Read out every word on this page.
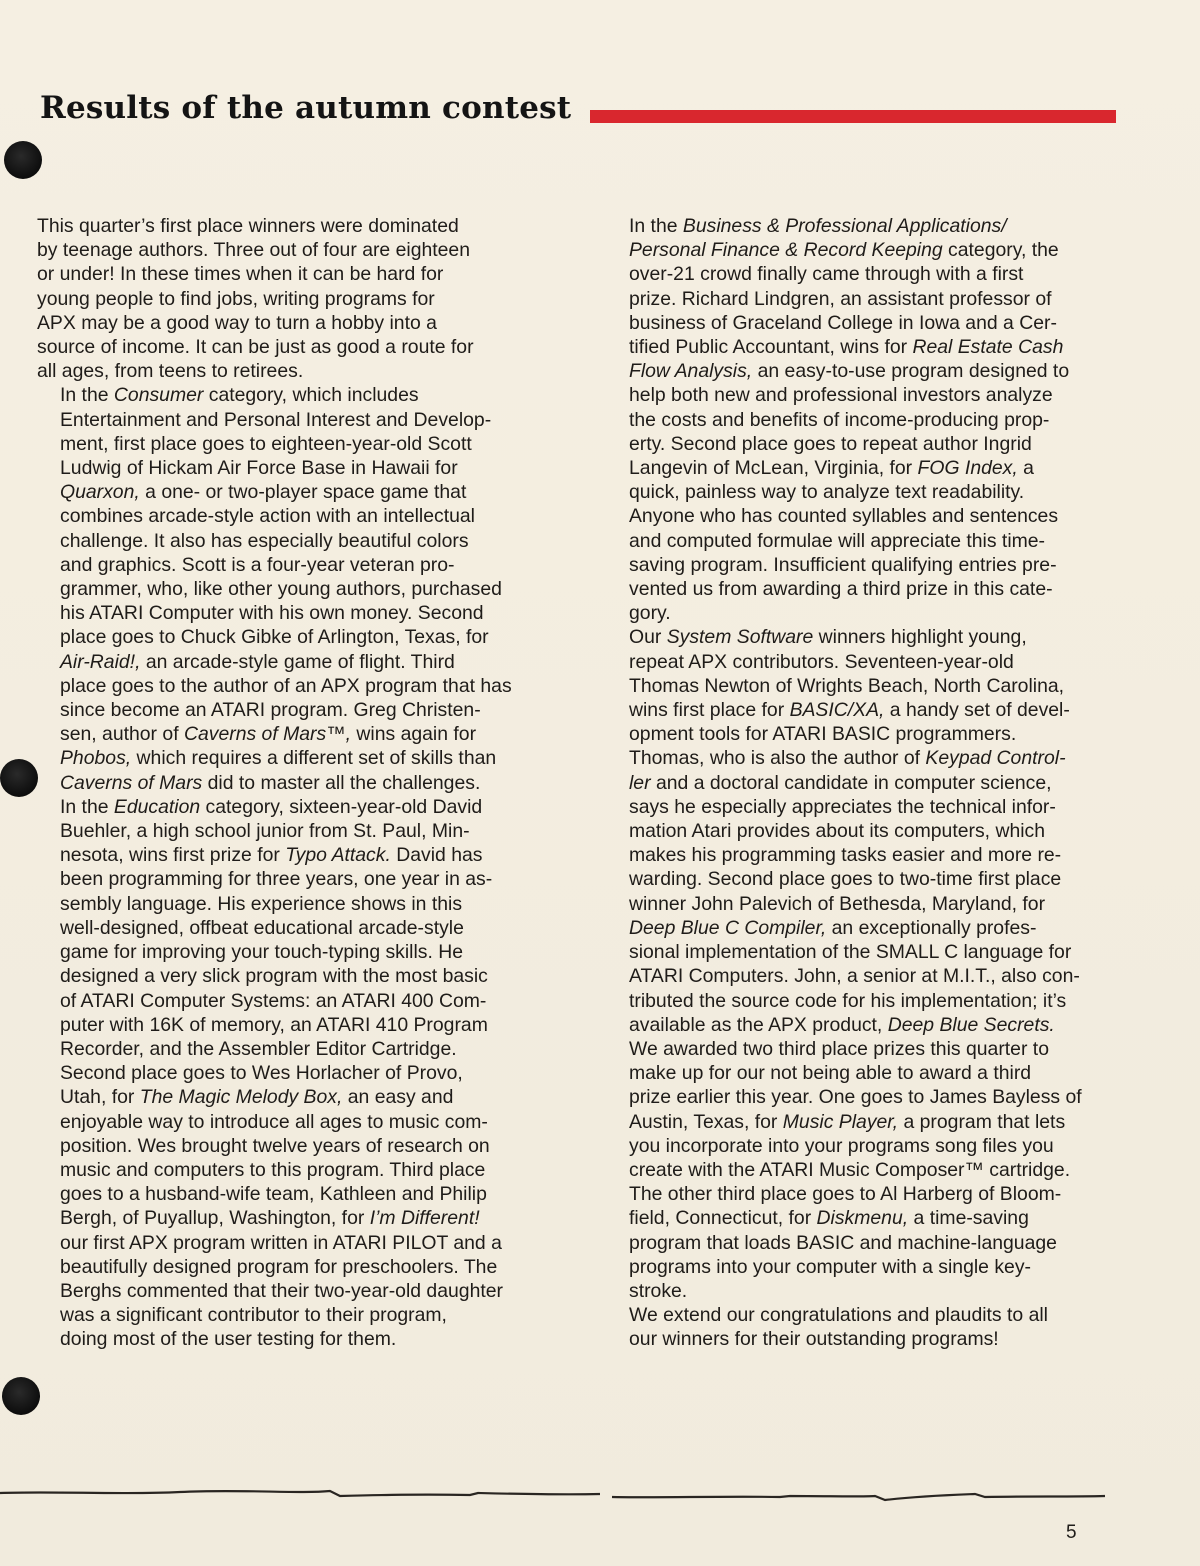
Results of the autumn contest

This quarter’s first place winners were dominated
by teenage authors. Three out of four are eighteen
or under! In these times when it can be hard for
young people to find jobs, writing programs for
APX may be a good way to turn a hobby into a
source of income. It can be just as good a route for
all ages, from teens to retirees.

In the Consumer category, which includes
Entertainment and Personal Interest and Develop-
ment, first place goes to eighteen-year-old Scott
Ludwig of Hickam Air Force Base in Hawaii for
Quarxon, a one- or two-player space game that
combines arcade-style action with an intellectual
challenge. It also has especially beautiful colors
and graphics. Scott is a four-year veteran pro-
grammer, who, like other young authors, purchased
his ATARI Computer with his own money. Second
place goes to Chuck Gibke of Arlington, Texas, for
Air-Raid!, an arcade-style game of flight. Third
place goes to the author of an APX program that has
since become an ATARI program. Greg Christen-
sen, author of Caverns of Mars™, wins again for
Phobos, which requires a different set of skills than
Caverns of Mars did to master all the challenges.

In the Education category, sixteen-year-old David
Buehler, a high school junior from St. Paul, Min-
nesota, wins first prize for Typo Attack. David has
been programming for three years, one year in as-
sembly language. His experience shows in this
well-designed, offbeat educational arcade-style
game for improving your touch-typing skills. He
designed a very slick program with the most basic
of ATARI Computer Systems: an ATARI 400 Com-
puter with 16K of memory, an ATARI 410 Program
Recorder, and the Assembler Editor Cartridge.
Second place goes to Wes Horlacher of Provo,
Utah, for The Magic Melody Box, an easy and
enjoyable way to introduce all ages to music com-
position. Wes brought twelve years of research on
music and computers to this program. Third place
goes to a husband-wife team, Kathleen and Philip
Bergh, of Puyallup, Washington, for I’m Different!
our first APX program written in ATARI PILOT and a
beautifully designed program for preschoolers. The
Berghs commented that their two-year-old daughter
was a significant contributor to their program,
doing most of the user testing for them.

In the Business & Professional Applications/
Personal Finance & Record Keeping category, the
over-21 crowd finally came through with a first
prize. Richard Lindgren, an assistant professor of
business of Graceland College in Iowa and a Cer-
tified Public Accountant, wins for Real Estate Cash
Flow Analysis, an easy-to-use program designed to
help both new and professional investors analyze
the costs and benefits of income-producing prop-
erty. Second place goes to repeat author Ingrid
Langevin of McLean, Virginia, for FOG Index, a
quick, painless way to analyze text readability.
Anyone who has counted syllables and sentences
and computed formulae will appreciate this time-
saving program. Insufficient qualifying entries pre-
vented us from awarding a third prize in this cate-
gory.

Our System Software winners highlight young,
repeat APX contributors. Seventeen-year-old
Thomas Newton of Wrights Beach, North Carolina,
wins first place for BASIC/XA, a handy set of devel-
opment tools for ATARI BASIC programmers.
Thomas, who is also the author of Keypad Control-
ler and a doctoral candidate in computer science,
says he especially appreciates the technical infor-
mation Atari provides about its computers, which
makes his programming tasks easier and more re-
warding. Second place goes to two-time first place
winner John Palevich of Bethesda, Maryland, for
Deep Blue C Compiler, an exceptionally profes-
sional implementation of the SMALL C language for
ATARI Computers. John, a senior at M.I.T., also con-
tributed the source code for his implementation; it’s
available as the APX product, Deep Blue Secrets.
We awarded two third place prizes this quarter to
make up for our not being able to award a third
prize earlier this year. One goes to James Bayless of
Austin, Texas, for Music Player, a program that lets
you incorporate into your programs song files you
create with the ATARI Music Composer™ cartridge.
The other third place goes to Al Harberg of Bloom-
field, Connecticut, for Diskmenu, a time-saving
program that loads BASIC and machine-language
programs into your computer with a single key-
stroke.

We extend our congratulations and plaudits to all
our winners for their outstanding programs!

5
